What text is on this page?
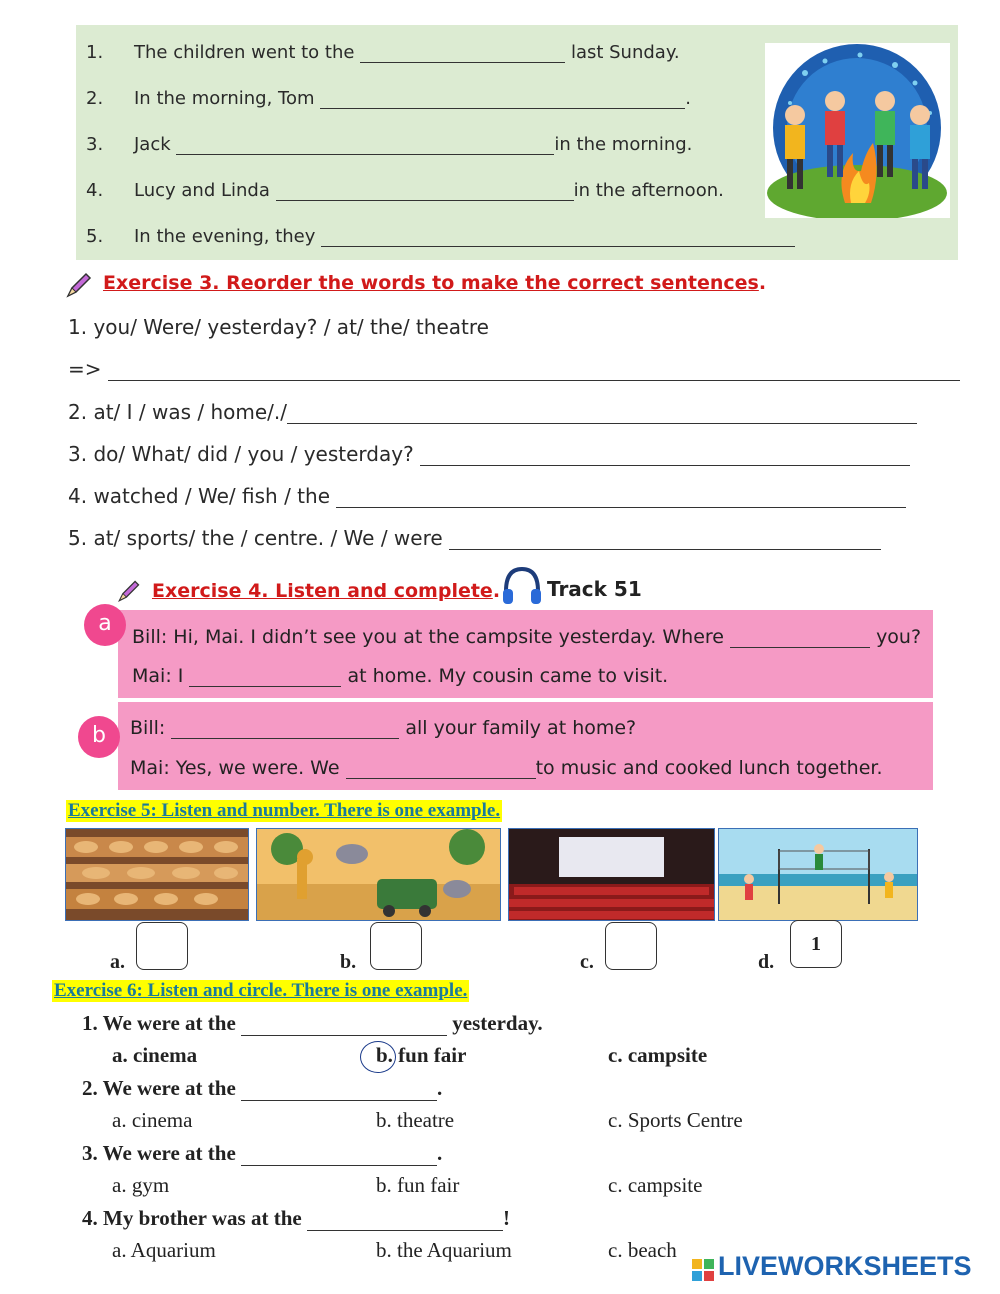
1. The children went to the	last Sunday.
2. In the morning, Tom	.
3. Jack	in the morning.
4. Lucy and Linda	in the afternoon.
5. In the evening, they
Exercise 3. Reorder the words to make the correct sentences.
1. you/ Were/ yesterday? / at/ the/ theatre
=>
2. at/ I / was / home/./
3. do/ What/ did / you / yesterday?
4. watched / We/ fish / the
5. at/ sports/ the / centre. / We / were
Exercise 4. Listen and complete. Track 51
a
Bill: Hi, Mai. I didn’t see you at the campsite yesterday. Where	you?
Mai: I	at home. My cousin came to visit.
b	Bill:	all your family at home?
Mai: Yes, we were. We	to music and cooked lunch together.
Exercise 5: Listen and number. There is one example.
a.	b.	c.	d.
1
Exercise 6: Listen and circle. There is one example.
1. We were at the	yesterday.
a. cinema	b. fun fair	c. campsite
2. We were at the	.
a. cinema	b. theatre	c. Sports Centre
3. We were at the	.
a. gym	b. fun fair	c. campsite
4. My brother was at the	!
a. Aquarium	b. the Aquarium	c. beach
LIVEWORKSHEETS
